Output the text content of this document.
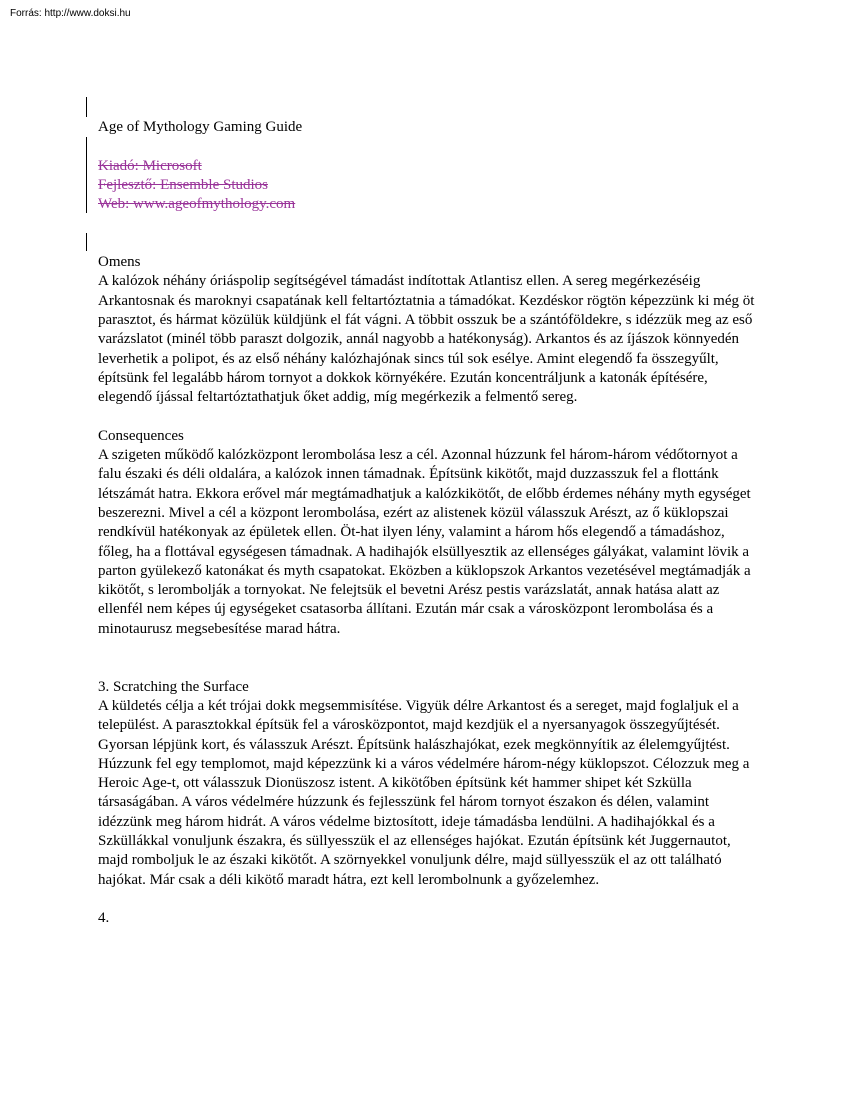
Forrás: http://www.doksi.hu

Age of Mythology Gaming Guide

Kiadó: Microsoft

Fejlesztő: Ensemble Studios

Web: www.ageofmythology.com

Omens

A kalózok néhány óriáspolip segítségével támadást indítottak Atlantisz ellen. A sereg megérkezéséig Arkantosnak és maroknyi csapatának kell feltartóztatnia a támadókat. Kezdéskor rögtön képezzünk ki még öt parasztot, és hármat közülük küldjünk el fát vágni. A többit osszuk be a szántóföldekre, s idézzük meg az eső varázslatot (minél több paraszt dolgozik, annál nagyobb a hatékonyság). Arkantos és az íjászok könnyedén leverhetik a polipot, és az első néhány kalózhajónak sincs túl sok esélye. Amint elegendő fa összegyűlt, építsünk fel legalább három tornyot a dokkok környékére. Ezután koncentráljunk a katonák építésére, elegendő íjással feltartóztathatjuk őket addig, míg megérkezik a felmentő sereg.

Consequences

A szigeten működő kalózközpont lerombolása lesz a cél. Azonnal húzzunk fel három-három védőtornyot a falu északi és déli oldalára, a kalózok innen támadnak. Építsünk kikötőt, majd duzzasszuk fel a flottánk létszámát hatra. Ekkora erővel már megtámadhatjuk a kalózkikötőt, de előbb érdemes néhány myth egységet beszerezni. Mivel a cél a központ lerombolása, ezért az alistenek közül válasszuk Arészt, az ő küklopszai rendkívül hatékonyak az épületek ellen. Öt-hat ilyen lény, valamint a három hős elegendő a támadáshoz, főleg, ha a flottával egységesen támadnak. A hadihajók elsüllyesztik az ellenséges gályákat, valamint lövik a parton gyülekező katonákat és myth csapatokat. Eközben a küklopszok Arkantos vezetésével megtámadják a kikötőt, s lerombolják a tornyokat. Ne felejtsük el bevetni Arész pestis varázslatát, annak hatása alatt az ellenfél nem képes új egységeket csatasorba állítani. Ezután már csak a városközpont lerombolása és a minotaurusz megsebesítése marad hátra.

3. Scratching the Surface

A küldetés célja a két trójai dokk megsemmisítése. Vigyük délre Arkantost és a sereget, majd foglaljuk el a települést. A parasztokkal építsük fel a városközpontot, majd kezdjük el a nyersanyagok összegyűjtését. Gyorsan lépjünk kort, és válasszuk Arészt. Építsünk halászhajókat, ezek megkönnyítik az élelemgyűjtést. Húzzunk fel egy templomot, majd képezzünk ki a város védelmére három-négy küklopszot. Célozzuk meg a Heroic Age-t, ott válasszuk Dionüszosz istent. A kikötőben építsünk két hammer shipet két Szküllа társaságában. A város védelmére húzzunk és fejlesszünk fel három tornyot északon és délen, valamint idézzünk meg három hidrát. A város védelme biztosított, ideje támadásba lendülni. A hadihajókkal és a Szküllákkal vonuljunk északra, és süllyesszük el az ellenséges hajókat. Ezután építsünk két Juggernautot, majd romboljuk le az északi kikötőt. A szörnyekkel vonuljunk délre, majd süllyesszük el az ott található hajókat. Már csak a déli kikötő maradt hátra, ezt kell lerombolnunk a győzelemhez.

4.
